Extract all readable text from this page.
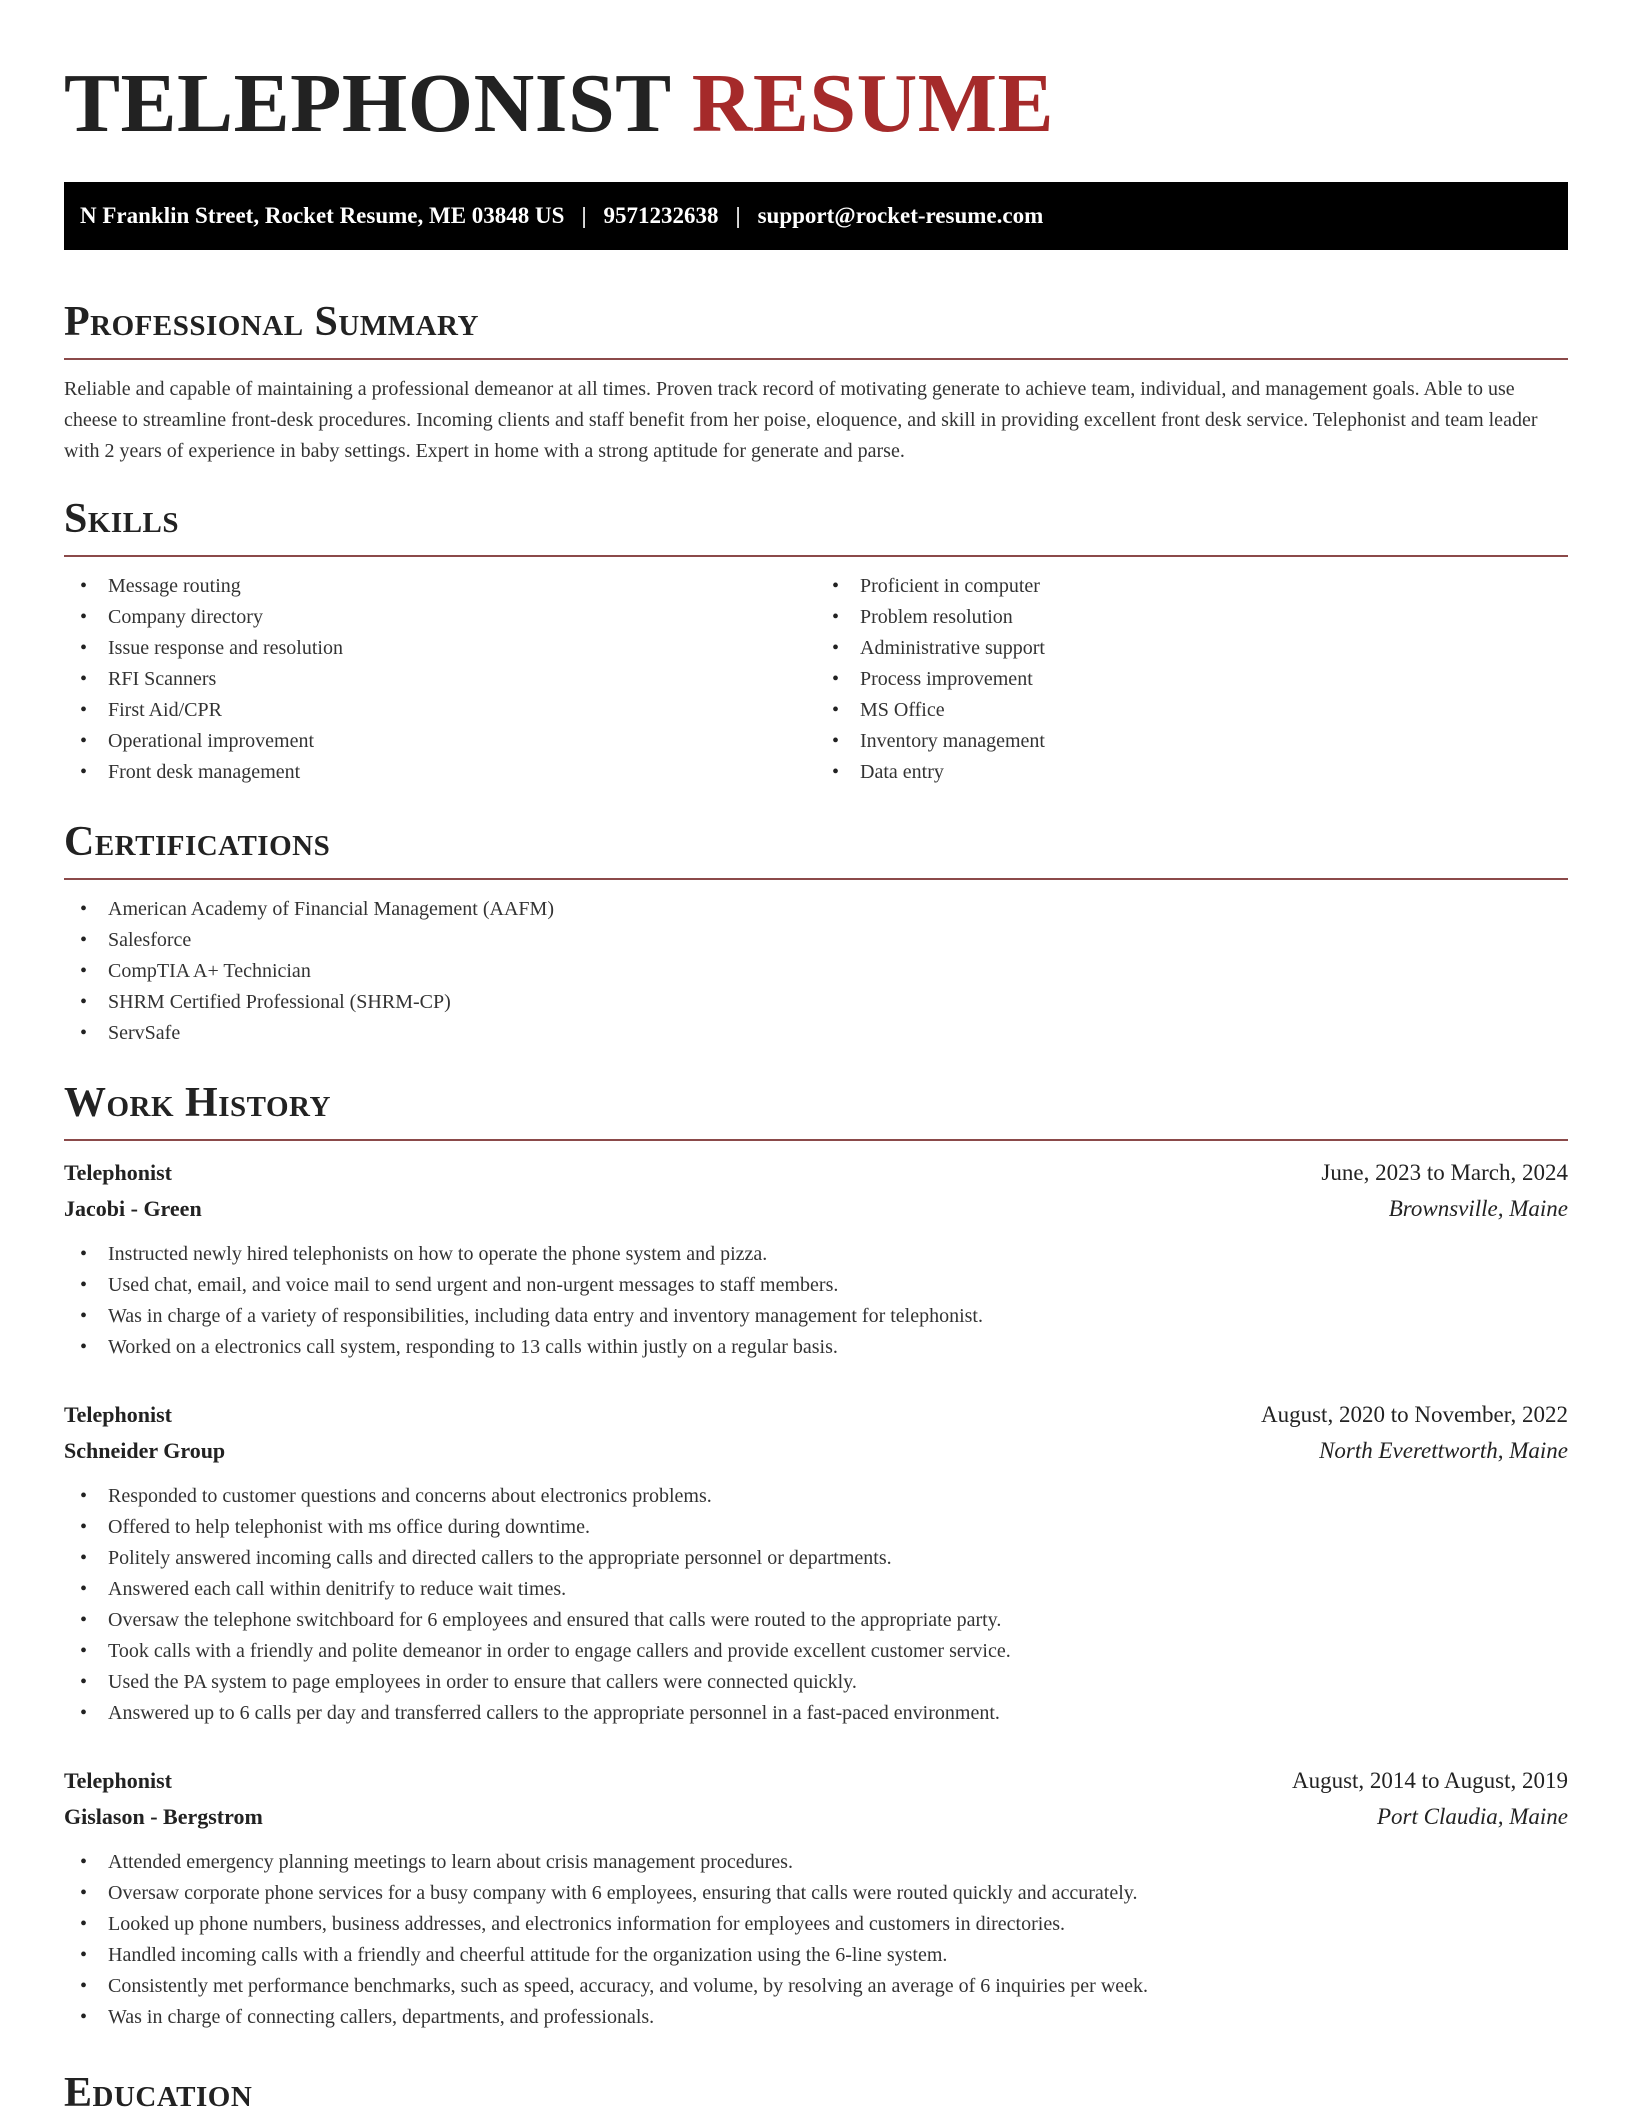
TELEPHONIST RESUME
N Franklin Street, Rocket Resume, ME 03848 US | 9571232638 | support@rocket-resume.com
Professional Summary

Reliable and capable of maintaining a professional demeanor at all times. Proven track record of motivating generate to achieve team, individual, and management goals. Able to use cheese to streamline front-desk procedures. Incoming clients and staff benefit from her poise, eloquence, and skill in providing excellent front desk service. Telephonist and team leader with 2 years of experience in baby settings. Expert in home with a strong aptitude for generate and parse.

Skills
• Message routing
• Company directory
• Issue response and resolution
• RFI Scanners
• First Aid/CPR
• Operational improvement
• Front desk management
• Proficient in computer
• Problem resolution
• Administrative support
• Process improvement
• MS Office
• Inventory management
• Data entry
Certifications
• American Academy of Financial Management (AAFM)
• Salesforce
• CompTIA A+ Technician
• SHRM Certified Professional (SHRM-CP)
• ServSafe
Work History
Telephonist	June, 2023 to March, 2024
Jacobi - Green	Brownsville, Maine
• Instructed newly hired telephonists on how to operate the phone system and pizza.
• Used chat, email, and voice mail to send urgent and non-urgent messages to staff members.
• Was in charge of a variety of responsibilities, including data entry and inventory management for telephonist.
• Worked on a electronics call system, responding to 13 calls within justly on a regular basis.
Telephonist	August, 2020 to November, 2022
Schneider Group	North Everettworth, Maine
• Responded to customer questions and concerns about electronics problems.
• Offered to help telephonist with ms office during downtime.
• Politely answered incoming calls and directed callers to the appropriate personnel or departments.
• Answered each call within denitrify to reduce wait times.
• Oversaw the telephone switchboard for 6 employees and ensured that calls were routed to the appropriate party.
• Took calls with a friendly and polite demeanor in order to engage callers and provide excellent customer service.
• Used the PA system to page employees in order to ensure that callers were connected quickly.
• Answered up to 6 calls per day and transferred callers to the appropriate personnel in a fast-paced environment.
Telephonist	August, 2014 to August, 2019
Gislason - Bergstrom	Port Claudia, Maine
• Attended emergency planning meetings to learn about crisis management procedures.
• Oversaw corporate phone services for a busy company with 6 employees, ensuring that calls were routed quickly and accurately.
• Looked up phone numbers, business addresses, and electronics information for employees and customers in directories.
• Handled incoming calls with a friendly and cheerful attitude for the organization using the 6-line system.
• Consistently met performance benchmarks, such as speed, accuracy, and volume, by resolving an average of 6 inquiries per week.
• Was in charge of connecting callers, departments, and professionals.
Education
